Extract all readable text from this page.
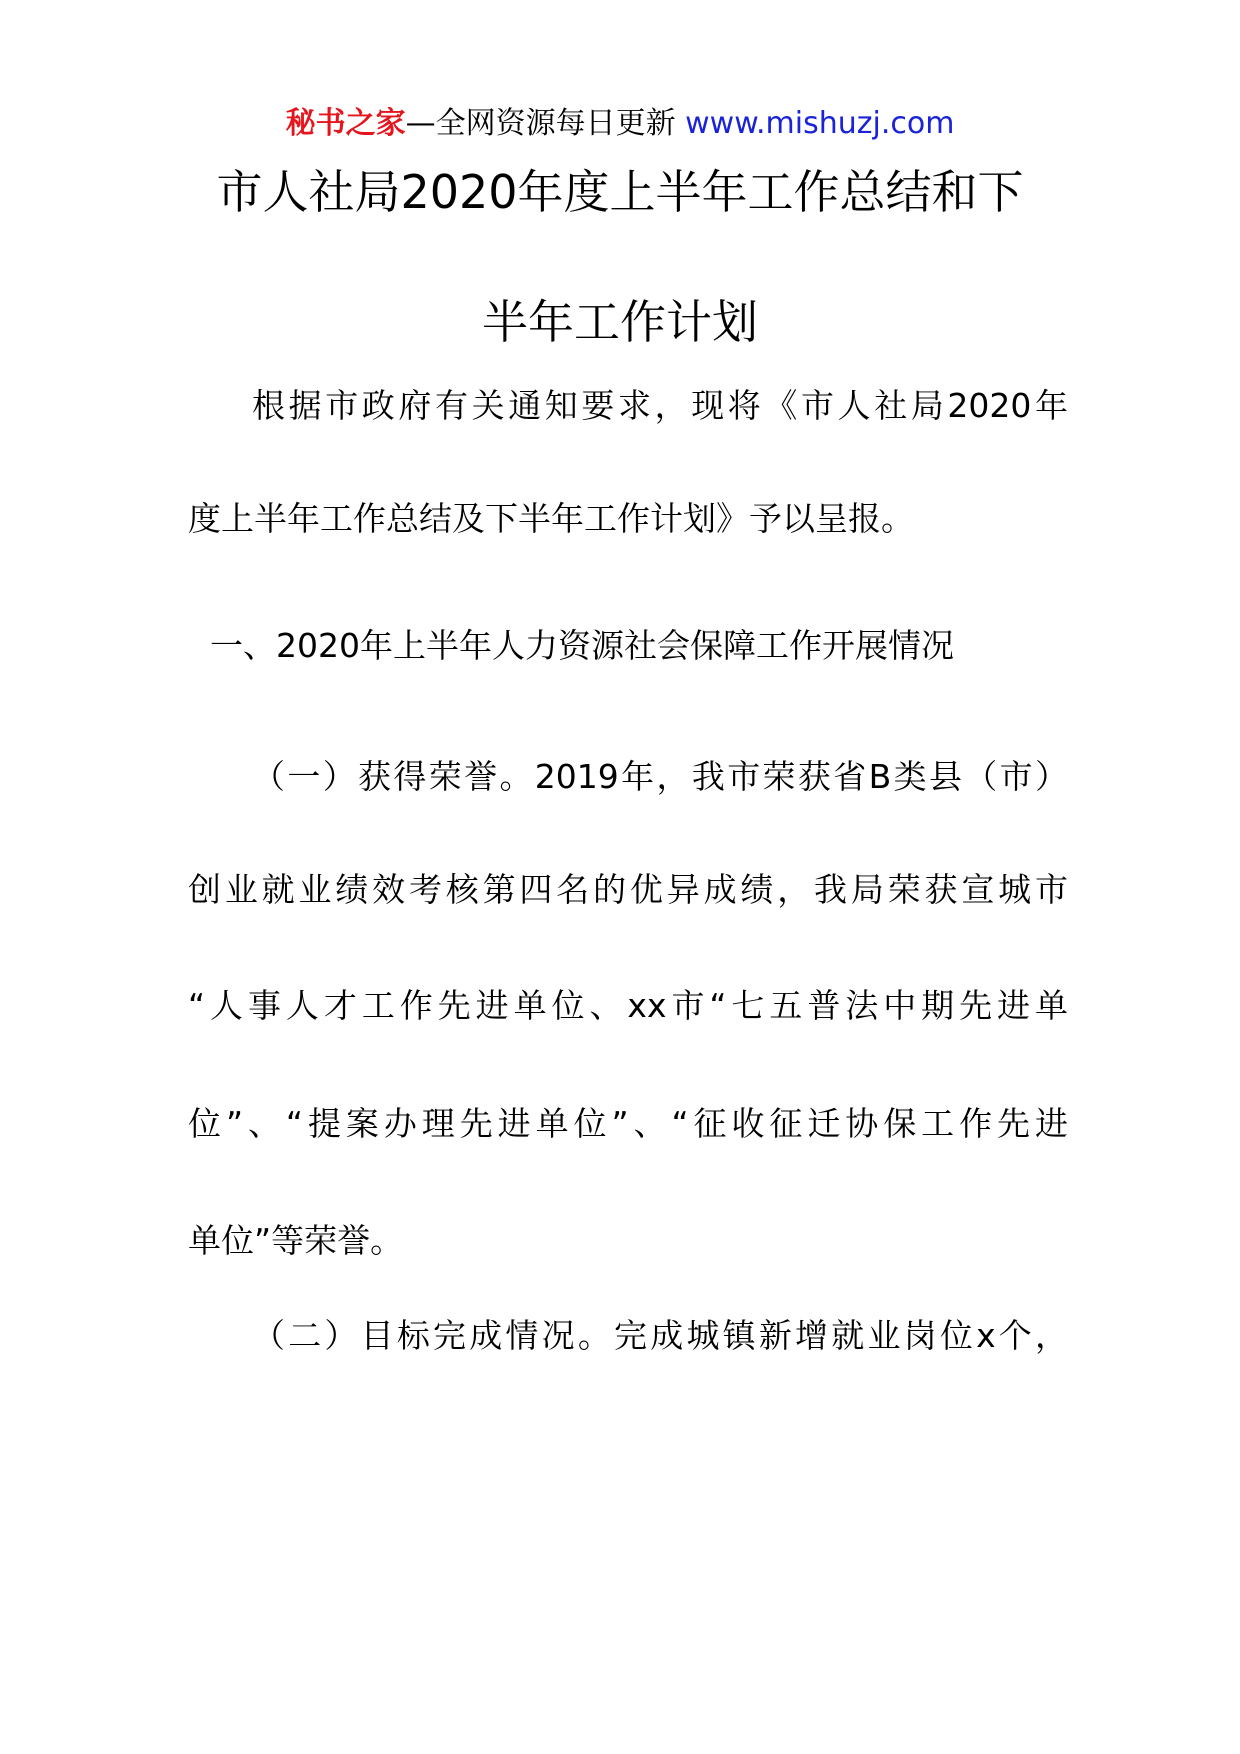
秘书之家—全网资源每日更新 www.mishuzj.com
市人社局2020年度上半年工作总结和下
半年工作计划
根据市政府有关通知要求，现将《市人社局2020年
度上半年工作总结及下半年工作计划》予以呈报。
一、2020年上半年人力资源社会保障工作开展情况
（一）获得荣誉。2019年，我市荣获省B类县（市）
创业就业绩效考核第四名的优异成绩，我局荣获宣城市
“人事人才工作先进单位、xx市“七五普法中期先进单
位”、“提案办理先进单位”、“征收征迁协保工作先进
单位”等荣誉。
（二）目标完成情况。完成城镇新增就业岗位x个，
